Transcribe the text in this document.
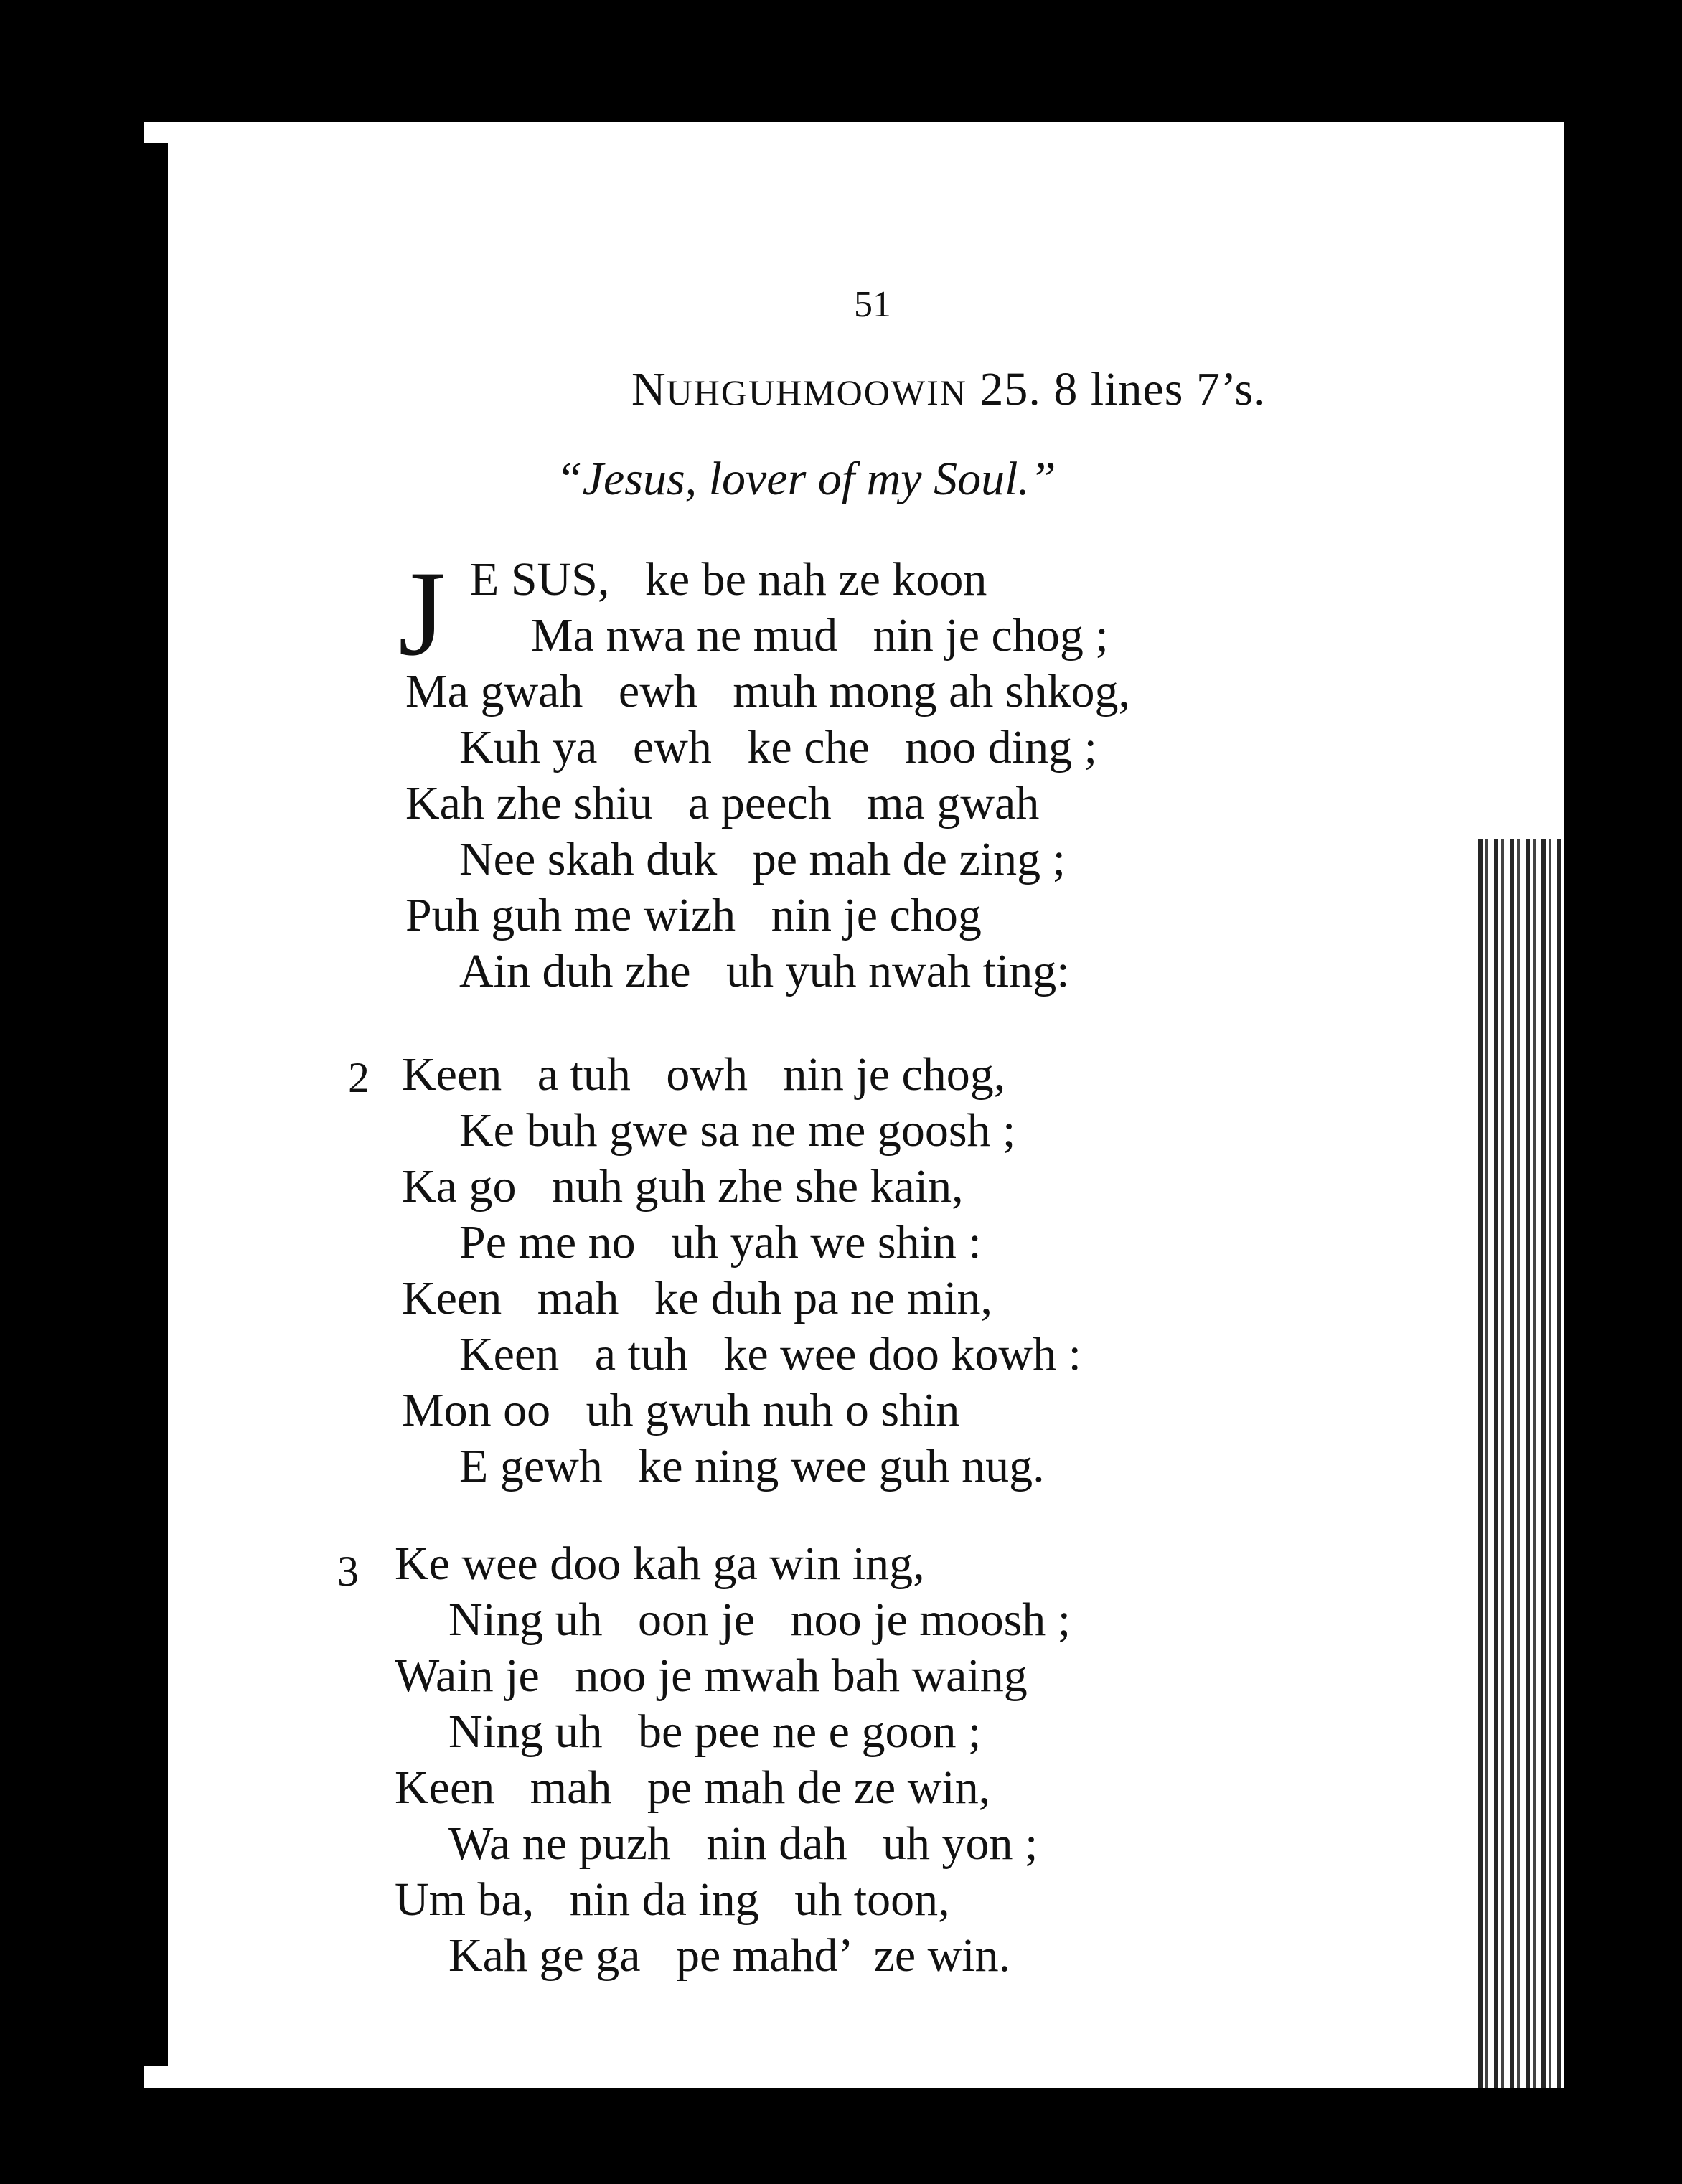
51
NUHGUHMOOWIN 25. 8 lines 7’s.
“Jesus, lover of my Soul.”
J E SUS,   ke be nah ze koon
Ma nwa ne mud   nin je chog ;
Ma gwah   ewh   muh mong ah shkog,
Kuh ya   ewh   ke che   noo ding ;
Kah zhe shiu   a peech   ma gwah
Nee skah duk   pe mah de zing ;
Puh guh me wizh   nin je chog
Ain duh zhe   uh yuh nwah ting:
2 Keen   a tuh   owh   nin je chog,
Ke buh gwe sa ne me goosh ;
Ka go   nuh guh zhe she kain,
Pe me no   uh yah we shin :
Keen   mah   ke duh pa ne min,
Keen   a tuh   ke wee doo kowh :
Mon oo   uh gwuh nuh o shin
E gewh   ke ning wee guh nug.
3 Ke wee doo kah ga win ing,
Ning uh   oon je   noo je moosh ;
Wain je   noo je mwah bah waing
Ning uh   be pee ne e goon ;
Keen   mah   pe mah de ze win,
Wa ne puzh   nin dah   uh yon ;
Um ba,   nin da ing   uh toon,
Kah ge ga   pe mahd’  ze win.
